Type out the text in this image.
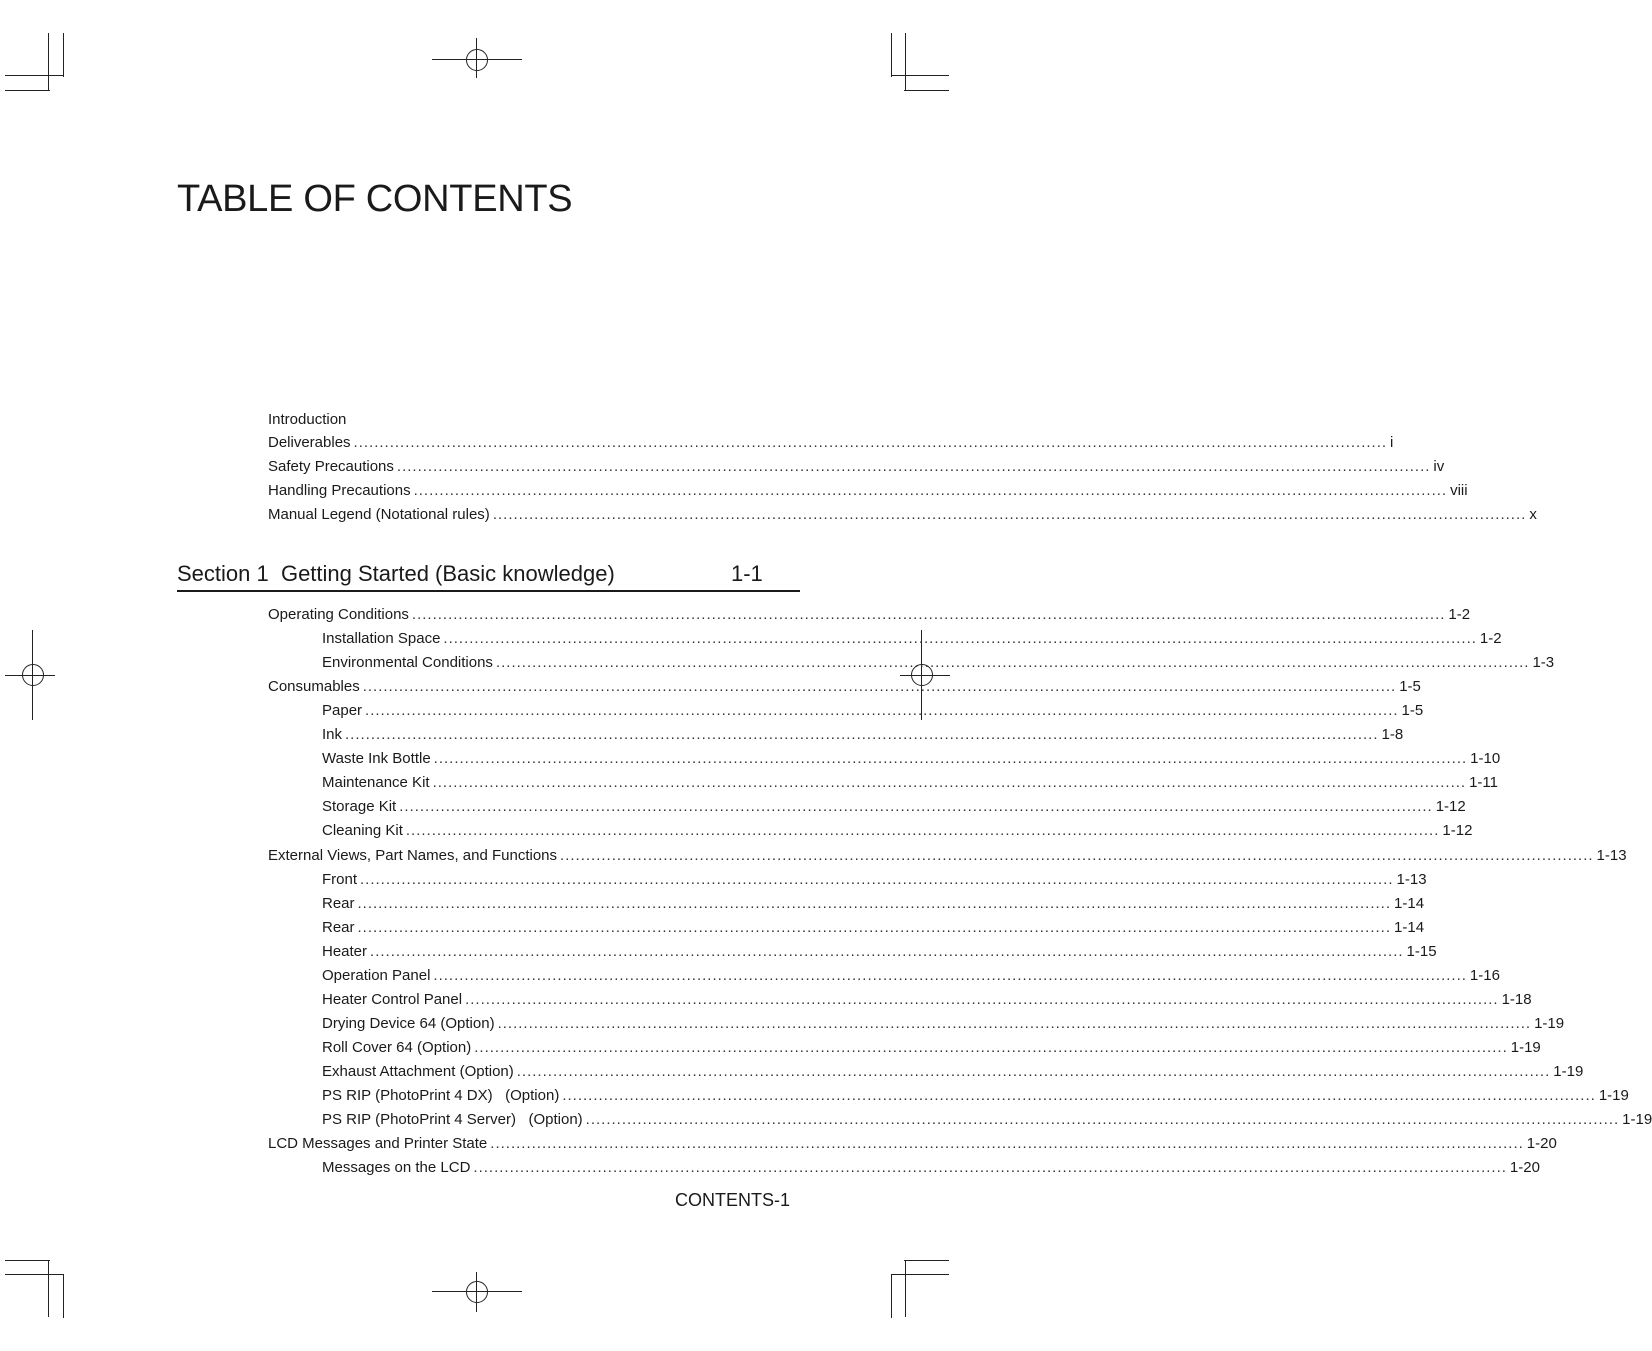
TABLE OF CONTENTS
Introduction
Deliverables ........................................................................................................................................................................................................ i
Safety Precautions ........................................................................................................................................................................................................ iv
Handling Precautions ........................................................................................................................................................................................................ viii
Manual Legend (Notational rules) ........................................................................................................................................................................................................ x
Section 1  Getting Started (Basic knowledge)	1-1
Operating Conditions ........................................................................................................................................................................................................ 1-2
Installation Space ........................................................................................................................................................................................................ 1-2
Environmental Conditions ........................................................................................................................................................................................................ 1-3
Consumables ........................................................................................................................................................................................................ 1-5
Paper ........................................................................................................................................................................................................ 1-5
Ink ........................................................................................................................................................................................................ 1-8
Waste Ink Bottle ........................................................................................................................................................................................................ 1-10
Maintenance Kit ........................................................................................................................................................................................................ 1-11
Storage Kit ........................................................................................................................................................................................................ 1-12
Cleaning Kit ........................................................................................................................................................................................................ 1-12
External Views, Part Names, and Functions ........................................................................................................................................................................................................ 1-13
Front ........................................................................................................................................................................................................ 1-13
Rear ........................................................................................................................................................................................................ 1-14
Rear ........................................................................................................................................................................................................ 1-14
Heater ........................................................................................................................................................................................................ 1-15
Operation Panel ........................................................................................................................................................................................................ 1-16
Heater Control Panel ........................................................................................................................................................................................................ 1-18
Drying Device 64 (Option) ........................................................................................................................................................................................................ 1-19
Roll Cover 64 (Option) ........................................................................................................................................................................................................ 1-19
Exhaust Attachment (Option) ........................................................................................................................................................................................................ 1-19
PS RIP (PhotoPrint 4 DX)   (Option) ........................................................................................................................................................................................................ 1-19
PS RIP (PhotoPrint 4 Server)   (Option) ........................................................................................................................................................................................................ 1-19
LCD Messages and Printer State ........................................................................................................................................................................................................ 1-20
Messages on the LCD ........................................................................................................................................................................................................ 1-20
CONTENTS-1
